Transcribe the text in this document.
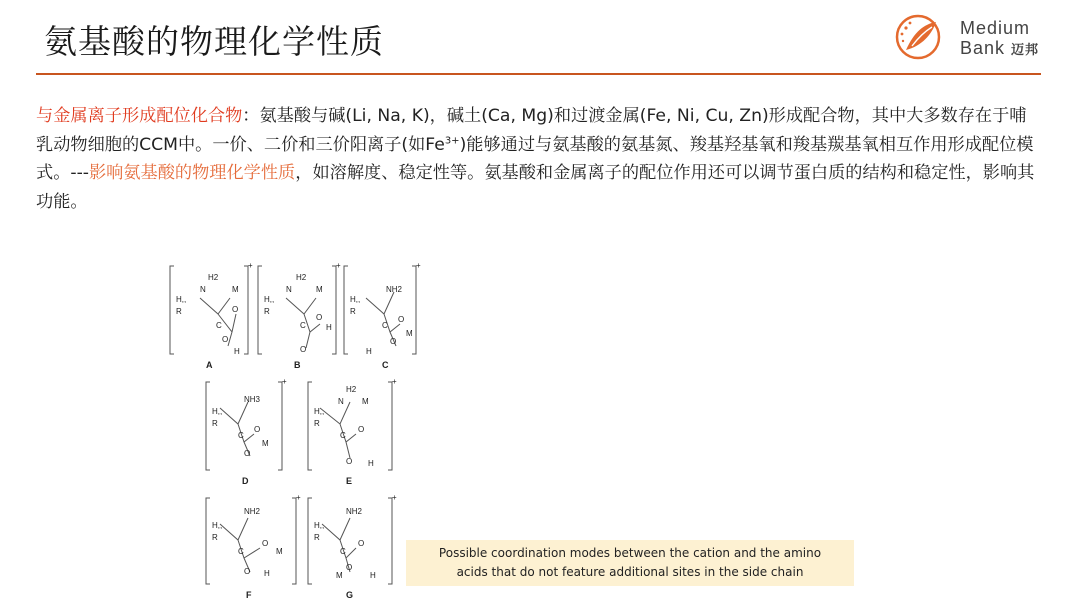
氨基酸的物理化学性质	Medium
Bank 迈邦
与金属离子形成配位化合物：氨基酸与碱(Li, Na, K)，碱土(Ca, Mg)和过渡金属(Fe, Ni, Cu, Zn)形成配合物，其中大多数存在于哺乳动物细胞的CCM中。一价、二价和三价阳离子(如$Fe^{3+}$)能够通过与氨基酸的氨基氮、羧基羟基氧和羧基羰基氧相互作用形成配位模式。---影响氨基酸的物理化学性质，如溶解度、稳定性等。氨基酸和金属离子的配位作用还可以调节蛋白质的结构和稳定性，影响其功能。
H2
N	M
H,,
R
C
O
O
H
H2
N	M
H,,
R
C
O
H
O
NH2
H,,
R
C
O
M
O
H
NH3
H,,
R
C
O
M
O
H2
N M
H,,
R
C
O
O H
NH2
H,,
R
C
O
M
O H
NH2
H,,
R
C
O
M
O
H
+	+	+
+	+
+	+
A	B	C
D	E
F	G
Possible coordination modes between the cation and the amino
acids that do not feature additional sites in the side chain
